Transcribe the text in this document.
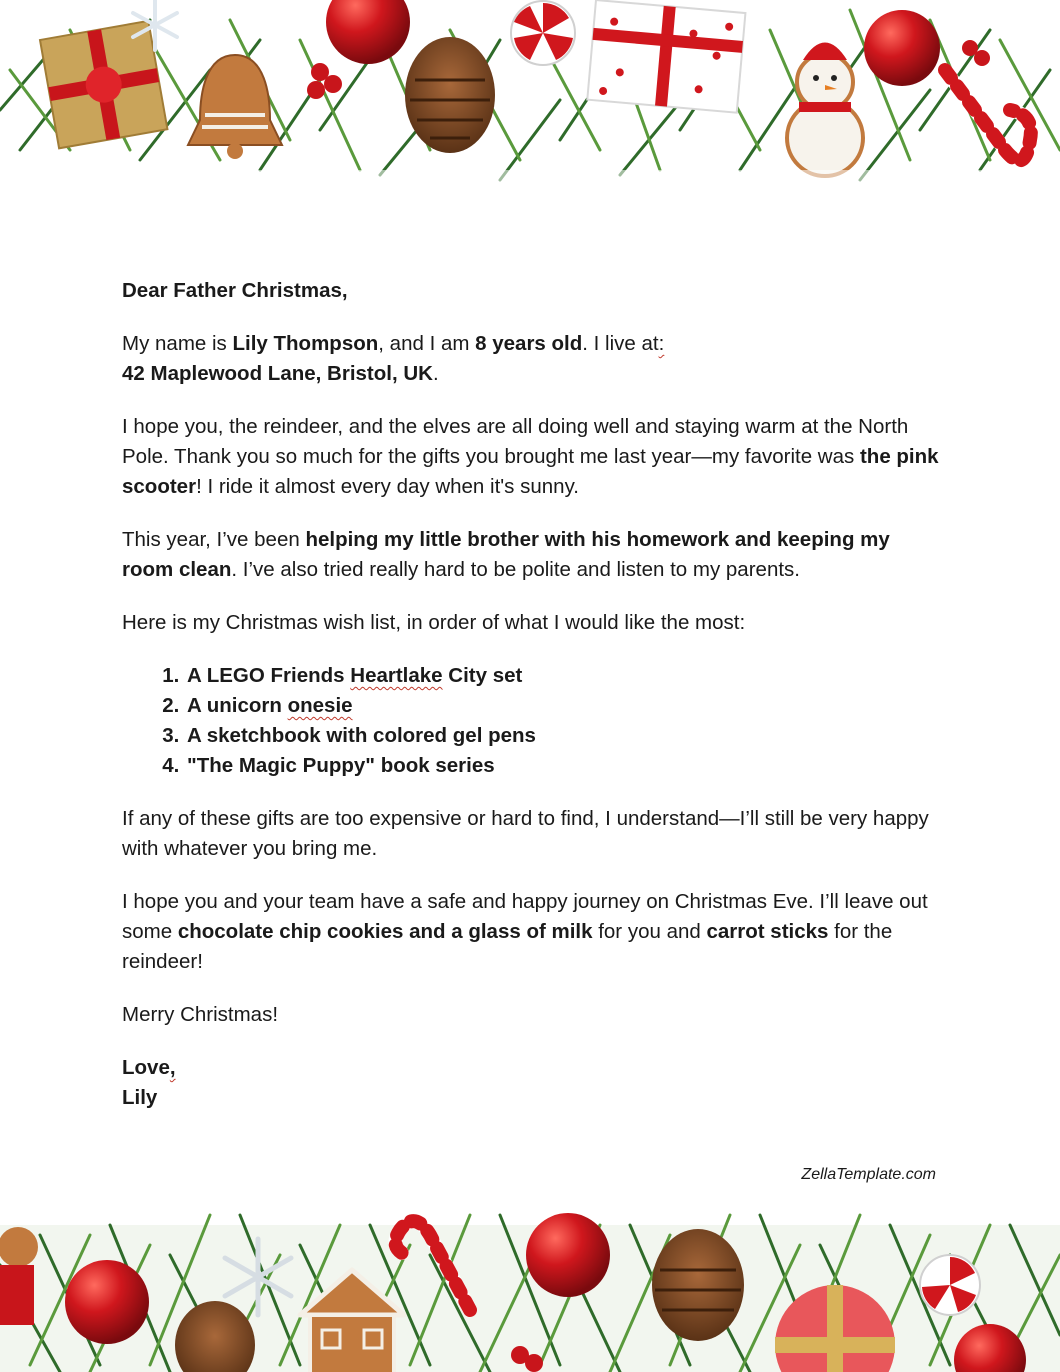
Dear Father Christmas,

My name is Lily Thompson, and I am 8 years old. I live at:
42 Maplewood Lane, Bristol, UK.

I hope you, the reindeer, and the elves are all doing well and staying warm at the North Pole. Thank you so much for the gifts you brought me last year—my favorite was the pink scooter! I ride it almost every day when it's sunny.

This year, I’ve been helping my little brother with his homework and keeping my room clean. I’ve also tried really hard to be polite and listen to my parents.

Here is my Christmas wish list, in order of what I would like the most:

1. A LEGO Friends Heartlake City set
2. A unicorn onesie
3. A sketchbook with colored gel pens
4. "The Magic Puppy" book series

If any of these gifts are too expensive or hard to find, I understand—I’ll still be very happy with whatever you bring me.

I hope you and your team have a safe and happy journey on Christmas Eve. I’ll leave out some chocolate chip cookies and a glass of milk for you and carrot sticks for the reindeer!

Merry Christmas!

Love,

Lily

ZellaTemplate.com
